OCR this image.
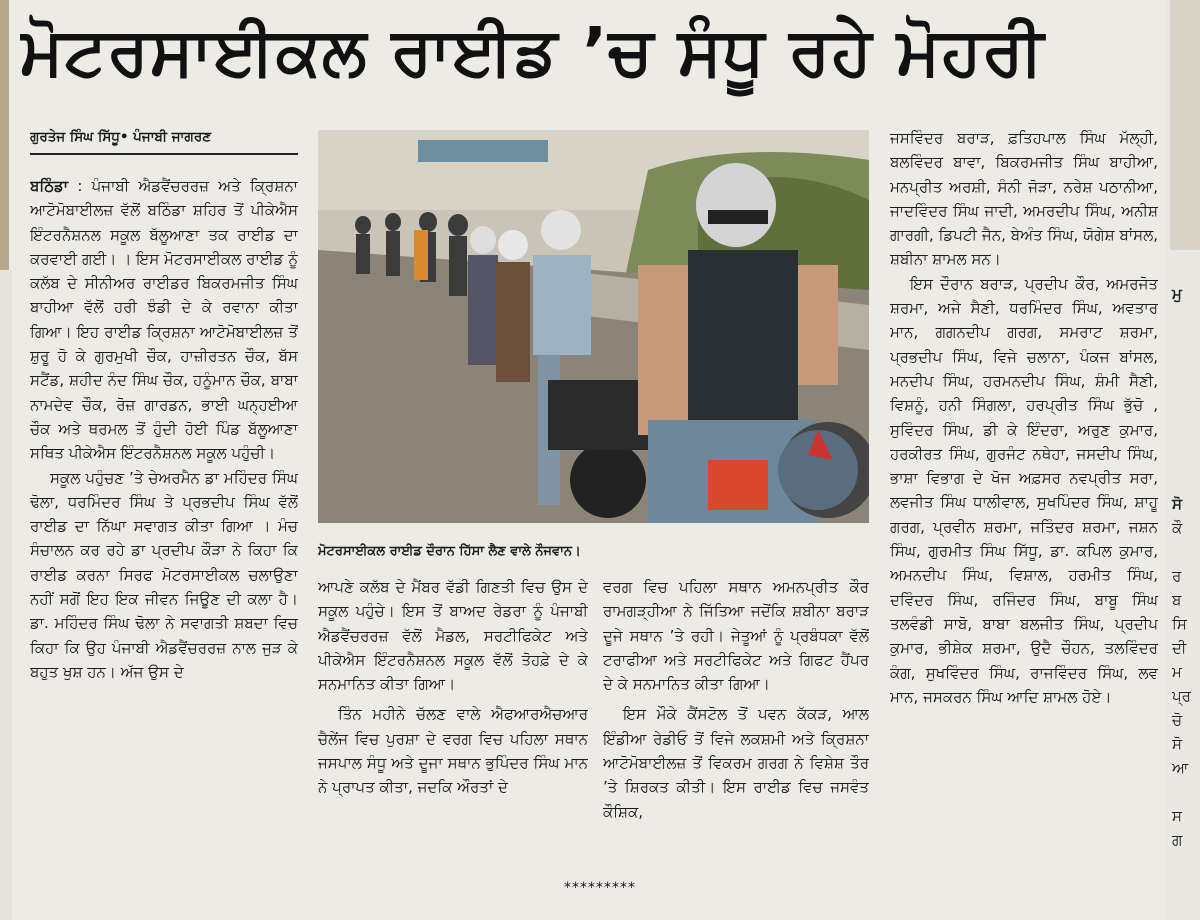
ਮੋਟਰਸਾਈਕਲ ਰਾਈਡ ’ਚ ਸੰਧੂ ਰਹੇ ਮੋਹਰੀ
ਗੁਰਤੇਜ ਸਿੰਘ ਸਿੱਧੂ• ਪੰਜਾਬੀ ਜਾਗਰਣ

ਬਠਿੰਡਾ : ਪੰਜਾਬੀ ਐਡਵੈਂਚਰਰਜ਼ ਅਤੇ ਕ੍ਰਿਸ਼ਨਾ ਆਟੋਮੋਬਾਈਲਜ਼ ਵੱਲੋਂ ਬਠਿੰਡਾ ਸ਼ਹਿਰ ਤੋਂ ਪੀਕੇਐਸ ਇੰਟਰਨੈਸ਼ਨਲ ਸਕੂਲ ਬੱਲੂਆਣਾ ਤਕ ਰਾਈਡ ਦਾ ਕਰਵਾਈ ਗਈ। । ਇਸ ਮੋਟਰਸਾਈਕਲ ਰਾਈਡ ਨੂੰ ਕਲੱਬ ਦੇ ਸੀਨੀਅਰ ਰਾਈਡਰ ਬਿਕਰਮਜੀਤ ਸਿੰਘ ਬਾਹੀਆ ਵੱਲੋਂ ਹਰੀ ਝੰਡੀ ਦੇ ਕੇ ਰਵਾਨਾ ਕੀਤਾ ਗਿਆ। ਇਹ ਰਾਈਡ ਕ੍ਰਿਸ਼ਨਾ ਆਟੋਮੋਬਾਈਲਜ਼ ਤੋਂ ਸ਼ੁਰੂ ਹੋ ਕੇ ਗੁਰਮੁਖੀ ਚੌਕ, ਹਾਜ਼ੀਰਤਨ ਚੌਕ, ਬੱਸ ਸਟੈਂਡ, ਸ਼ਹੀਦ ਨੰਦ ਸਿੰਘ ਚੌਕ, ਹਨੂੰਮਾਨ ਚੌਕ, ਬਾਬਾ ਨਾਮਦੇਵ ਚੌਕ, ਰੋਜ਼ ਗਾਰਡਨ, ਭਾਈ ਘਨ੍ਹਈਆ ਚੌਕ ਅਤੇ ਥਰਮਲ ਤੋਂ ਹੁੰਦੀ ਹੋਈ ਪਿੰਡ ਬੱਲੂਆਣਾ ਸਥਿਤ ਪੀਕੇਐਸ ਇੰਟਰਨੈਸ਼ਨਲ ਸਕੂਲ ਪਹੁੰਚੀ।

ਸਕੂਲ ਪਹੁੰਚਣ ’ਤੇ ਚੇਅਰਮੈਨ ਡਾ ਮਹਿੰਦਰ ਸਿੰਘ ਢੋਲਾ, ਧਰਮਿੰਦਰ ਸਿੰਘ ਤੇ ਪ੍ਰਭਦੀਪ ਸਿੰਘ ਵੱਲੋਂ ਰਾਈਡ ਦਾ ਨਿੱਘਾ ਸਵਾਗਤ ਕੀਤਾ ਗਿਆ । ਮੰਚ ਸੰਚਾਲਨ ਕਰ ਰਹੇ ਡਾ ਪ੍ਰਦੀਪ ਕੌੜਾ ਨੇ ਕਿਹਾ ਕਿ ਰਾਈਡ ਕਰਨਾ ਸਿਰਫ ਮੋਟਰਸਾਈਕਲ ਚਲਾਉਣਾ ਨਹੀਂ ਸਗੋਂ ਇਹ ਇਕ ਜੀਵਨ ਜਿਊਣ ਦੀ ਕਲਾ ਹੈ। ਡਾ. ਮਹਿੰਦਰ ਸਿੰਘ ਢੋਲਾ ਨੇ ਸਵਾਗਤੀ ਸ਼ਬਦਾ ਵਿਚ ਕਿਹਾ ਕਿ ਉਹ ਪੰਜਾਬੀ ਐਡਵੈਂਚਰਰਜ਼ ਨਾਲ ਜੁੜ ਕੇ ਬਹੁਤ ਖੁਸ਼ ਹਨ। ਅੱਜ ਉਸ ਦੇ

ਮੋਟਰਸਾਈਕਲ ਰਾਈਡ ਦੌਰਾਨ ਹਿੱਸਾ ਲੈਣ ਵਾਲੇ ਨੌਜਵਾਨ।

ਆਪਣੇ ਕਲੱਬ ਦੇ ਮੈਂਬਰ ਵੱਡੀ ਗਿਣਤੀ ਵਿਚ ਉਸ ਦੇ ਸਕੂਲ ਪਹੁੰਚੇ। ਇਸ ਤੋਂ ਬਾਅਦ ਰੇਡਰਾ ਨੂੰ ਪੰਜਾਬੀ ਐਡਵੈਂਚਰਰਜ਼ ਵੱਲੋਂ ਮੈਡਲ, ਸਰਟੀਫਿਕੇਟ ਅਤੇ ਪੀਕੇਐਸ ਇੰਟਰਨੈਸ਼ਨਲ ਸਕੂਲ ਵੱਲੋਂ ਤੋਹਫ਼ੇ ਦੇ ਕੇ ਸਨਮਾਨਿਤ ਕੀਤਾ ਗਿਆ।

ਤਿੰਨ ਮਹੀਨੇ ਚੱਲਣ ਵਾਲੇ ਐਫਆਰਐਚਆਰ ਚੈਲੇਂਜ ਵਿਚ ਪੁਰਸ਼ਾ ਦੇ ਵਰਗ ਵਿਚ ਪਹਿਲਾ ਸਥਾਨ ਜਸਪਾਲ ਸੰਧੂ ਅਤੇ ਦੂਜਾ ਸਥਾਨ ਭੁਪਿੰਦਰ ਸਿੰਘ ਮਾਨ ਨੇ ਪ੍ਰਾਪਤ ਕੀਤਾ, ਜਦਕਿ ਔਰਤਾਂ ਦੇ

ਵਰਗ ਵਿਚ ਪਹਿਲਾ ਸਥਾਨ ਅਮਨਪ੍ਰੀਤ ਕੌਰ ਰਾਮਗੜ੍ਹੀਆ ਨੇ ਜਿੱਤਿਆ ਜਦੋਂਕਿ ਸ਼ਬੀਨਾ ਬਰਾੜ ਦੂਜੇ ਸਥਾਨ ’ਤੇ ਰਹੀ। ਜੇਤੂਆਂ ਨੂੰ ਪ੍ਰਬੰਧਕਾ ਵੱਲੋਂ ਟਰਾਫੀਆ ਅਤੇ ਸਰਟੀਫਿਕੇਟ ਅਤੇ ਗਿਫਟ ਹੈਂਪਰ ਦੇ ਕੇ ਸਨਮਾਨਿਤ ਕੀਤਾ ਗਿਆ।

ਇਸ ਮੌਕੇ ਕੈਂਸਟੋਲ ਤੋਂ ਪਵਨ ਕੱਕੜ, ਆਲ ਇੰਡੀਆ ਰੇਡੀਓ ਤੋਂ ਵਿਜੇ ਲਕਸ਼ਮੀ ਅਤੇ ਕ੍ਰਿਸ਼ਨਾ ਆਟੋਮੋਬਾਈਲਜ਼ ਤੋਂ ਵਿਕਰਮ ਗਰਗ ਨੇ ਵਿਸ਼ੇਸ਼ ਤੌਰ ’ਤੇ ਸ਼ਿਰਕਤ ਕੀਤੀ। ਇਸ ਰਾਈਡ ਵਿਚ ਜਸਵੰਤ ਕੌਸ਼ਿਕ,

ਜਸਵਿੰਦਰ ਬਰਾੜ, ਫ਼ਤਿਹਪਾਲ ਸਿੰਘ ਮੱਲ੍ਹੀ, ਬਲਵਿੰਦਰ ਬਾਵਾ, ਬਿਕਰਮਜੀਤ ਸਿੰਘ ਬਾਹੀਆ, ਮਨਪ੍ਰੀਤ ਅਰਸ਼ੀ, ਸੰਨੀ ਜੋੜਾ, ਨਰੇਸ਼ ਪਠਾਨੀਆ, ਜਾਦਵਿੰਦਰ ਸਿੰਘ ਜਾਦੀ, ਅਮਰਦੀਪ ਸਿੰਘ, ਅਨੀਸ਼ ਗਾਰਗੀ, ਡਿਪਟੀ ਜੈਨ, ਬੇਅੰਤ ਸਿੰਘ, ਯੋਗੇਸ਼ ਬਾਂਸਲ, ਸ਼ਬੀਨਾ ਸ਼ਾਮਲ ਸਨ।

ਇਸ ਦੌਰਾਨ ਬਰਾੜ, ਪ੍ਰਦੀਪ ਕੌਰ, ਅਮਰਜੋਤ ਸ਼ਰਮਾ, ਅਜੇ ਸੈਣੀ, ਧਰਮਿੰਦਰ ਸਿੰਘ, ਅਵਤਾਰ ਮਾਨ, ਗਗਨਦੀਪ ਗਰਗ, ਸਮਰਾਟ ਸ਼ਰਮਾ, ਪ੍ਰਭਦੀਪ ਸਿੰਘ, ਵਿਜੇ ਚਲਾਨਾ, ਪੰਕਜ ਬਾਂਸਲ, ਮਨਦੀਪ ਸਿੰਘ, ਹਰਮਨਦੀਪ ਸਿੰਘ, ਸ਼ੰਮੀ ਸੈਣੀ, ਵਿਸ਼ਨੂੰ, ਹਨੀ ਸਿੰਗਲਾ, ਹਰਪ੍ਰੀਤ ਸਿੰਘ ਭੁੱਚੋ , ਸੁਵਿੰਦਰ ਸਿੰਘ, ਡੀ ਕੇ ਇੰਦਰਾ, ਅਰੁਣ ਕੁਮਾਰ, ਹਰਕੀਰਤ ਸਿੰਘ, ਗੁਰਜੰਟ ਨਥੇਹਾ, ਜਸਦੀਪ ਸਿੰਘ, ਭਾਸ਼ਾ ਵਿਭਾਗ ਦੇ ਖੋਜ ਅਫ਼ਸਰ ਨਵਪ੍ਰੀਤ ਸਰਾ, ਲਵਜੀਤ ਸਿੰਘ ਧਾਲੀਵਾਲ, ਸੁਖਪਿੰਦਰ ਸਿੰਘ, ਸ਼ਾਹੂ ਗਰਗ, ਪ੍ਰਵੀਨ ਸ਼ਰਮਾ, ਜਤਿੰਦਰ ਸ਼ਰਮਾ, ਜਸ਼ਨ ਸਿੰਘ, ਗੁਰਮੀਤ ਸਿੰਘ ਸਿੱਧੂ, ਡਾ. ਕਪਿਲ ਕੁਮਾਰ, ਅਮਨਦੀਪ ਸਿੰਘ, ਵਿਸ਼ਾਲ, ਹਰਮੀਤ ਸਿੰਘ, ਦਵਿੰਦਰ ਸਿੰਘ, ਰਜਿੰਦਰ ਸਿੰਘ, ਬਾਬੂ ਸਿੰਘ ਤਲਵੰਡੀ ਸਾਬੋ, ਬਾਬਾ ਬਲਜੀਤ ਸਿੰਘ, ਪ੍ਰਦੀਪ ਕੁਮਾਰ, ਭੀਸ਼ੇਕ ਸ਼ਰਮਾ, ਉਦੈ ਚੌਹਨ, ਤਲਵਿੰਦਰ ਕੰਗ, ਸੁਖਵਿੰਦਰ ਸਿੰਘ, ਰਾਜਵਿੰਦਰ ਸਿੰਘ, ਲਵ ਮਾਨ, ਜਸਕਰਨ ਸਿੰਘ ਆਦਿ ਸ਼ਾਮਲ ਹੋਏ।

*********
ਮੁ
ਸੋ
ਕੌ
ਰ
ਬ
ਸਿ
ਦੀ
ਮ
ਪ੍ਰ
ਚੋ
ਸੋ
ਆ
ਸ
ਗ
